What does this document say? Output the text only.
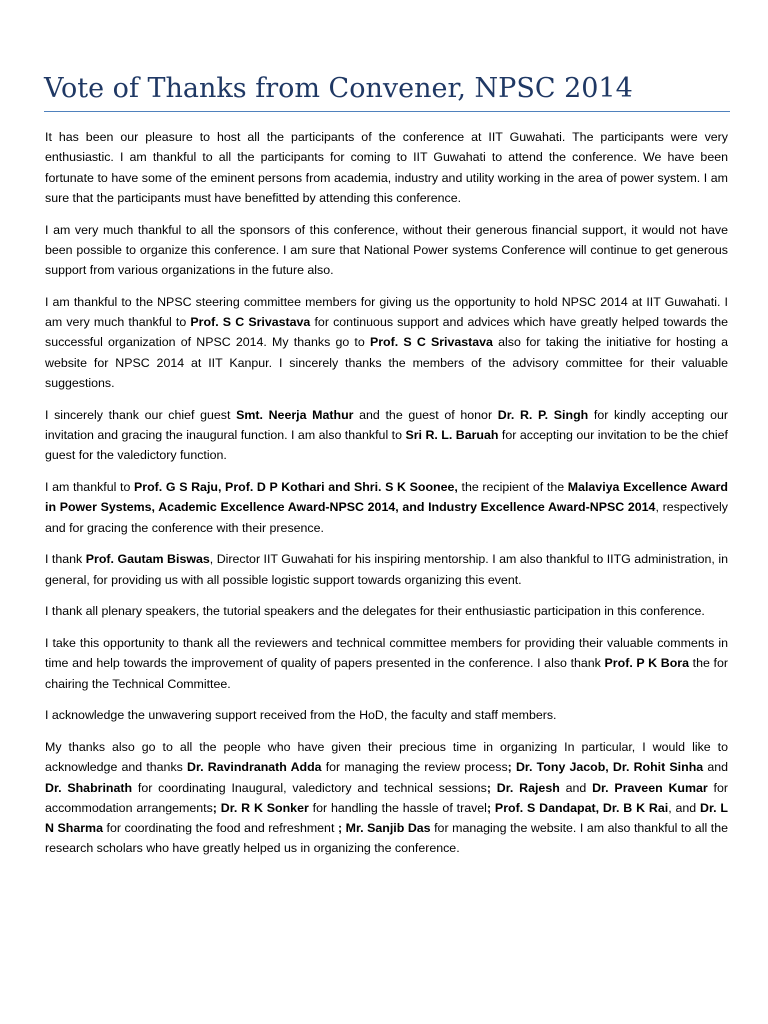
Vote of Thanks from Convener, NPSC 2014

It has been our pleasure to host all the participants of the conference at IIT Guwahati. The participants were very enthusiastic. I am thankful to all the participants for coming to IIT Guwahati to attend the conference. We have been fortunate to have some of the eminent persons from academia, industry and utility working in the area of power system. I am sure that the participants must have benefitted by attending this conference.

I am very much thankful to all the sponsors of this conference, without their generous financial support, it would not have been possible to organize this conference. I am sure that National Power systems Conference will continue to get generous support from various organizations in the future also.

I am thankful to the NPSC steering committee members for giving us the opportunity to hold NPSC 2014 at IIT Guwahati. I am very much thankful to Prof. S C Srivastava for continuous support and advices which have greatly helped towards the successful organization of NPSC 2014. My thanks go to Prof. S C Srivastava also for taking the initiative for hosting a website for NPSC 2014 at IIT Kanpur. I sincerely thanks the members of the advisory committee for their valuable suggestions.

I sincerely thank our chief guest Smt. Neerja Mathur and the guest of honor Dr. R. P. Singh for kindly accepting our invitation and gracing the inaugural function. I am also thankful to Sri R. L. Baruah for accepting our invitation to be the chief guest for the valedictory function.

I am thankful to Prof. G S Raju, Prof. D P Kothari and Shri. S K Soonee, the recipient of the Malaviya Excellence Award in Power Systems, Academic Excellence Award-NPSC 2014, and Industry Excellence Award-NPSC 2014, respectively and for gracing the conference with their presence.

I thank Prof. Gautam Biswas, Director IIT Guwahati for his inspiring mentorship. I am also thankful to IITG administration, in general, for providing us with all possible logistic support towards organizing this event.

I thank all plenary speakers, the tutorial speakers and the delegates for their enthusiastic participation in this conference.

I take this opportunity to thank all the reviewers and technical committee members for providing their valuable comments in time and help towards the improvement of quality of papers presented in the conference. I also thank Prof. P K Bora the for chairing the Technical Committee.

I acknowledge the unwavering support received from the HoD, the faculty and staff members.

My thanks also go to all the people who have given their precious time in organizing In particular, I would like to acknowledge and thanks Dr. Ravindranath Adda for managing the review process; Dr. Tony Jacob, Dr. Rohit Sinha and Dr. Shabrinath for coordinating Inaugural, valedictory and technical sessions; Dr. Rajesh and Dr. Praveen Kumar for accommodation arrangements; Dr. R K Sonker for handling the hassle of travel; Prof. S Dandapat, Dr. B K Rai, and Dr. L N Sharma for coordinating the food and refreshment ; Mr. Sanjib Das for managing the website. I am also thankful to all the research scholars who have greatly helped us in organizing the conference.
